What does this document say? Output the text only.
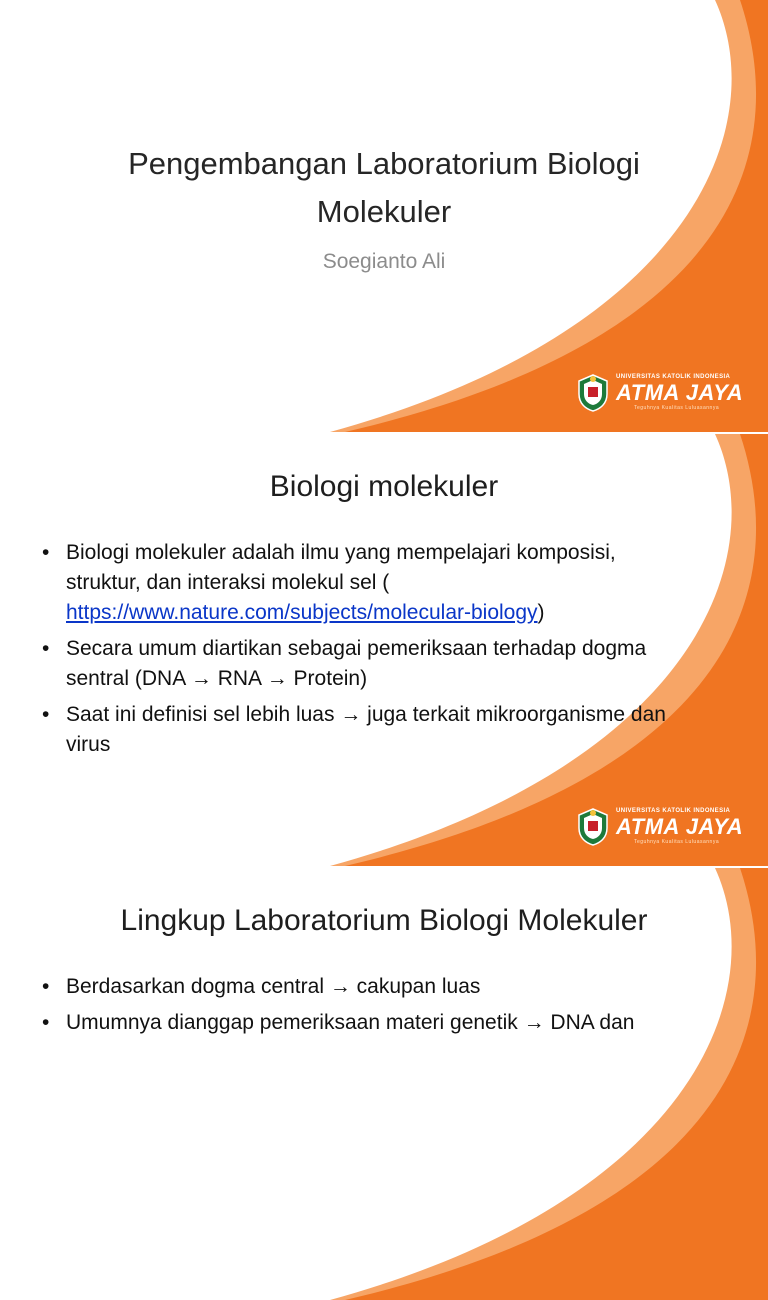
Pengembangan Laboratorium Biologi
Molekuler
Soegianto Ali
UNIVERSITAS KATOLIK INDONESIA
ATMA JAYA
Teguhnya Kualitas Luluasannya
Biologi molekuler
• Biologi molekuler adalah ilmu yang mempelajari komposisi, struktur, dan interaksi molekul sel (
https://www.nature.com/subjects/molecular-biology)
• Secara umum diartikan sebagai pemeriksaan terhadap dogma sentral (DNA → RNA → Protein)
• Saat ini definisi sel lebih luas → juga terkait mikroorganisme dan virus
UNIVERSITAS KATOLIK INDONESIA
ATMA JAYA
Teguhnya Kualitas Luluasannya
Lingkup Laboratorium Biologi Molekuler
• Berdasarkan dogma central → cakupan luas
• Umumnya dianggap pemeriksaan materi genetik → DNA dan
